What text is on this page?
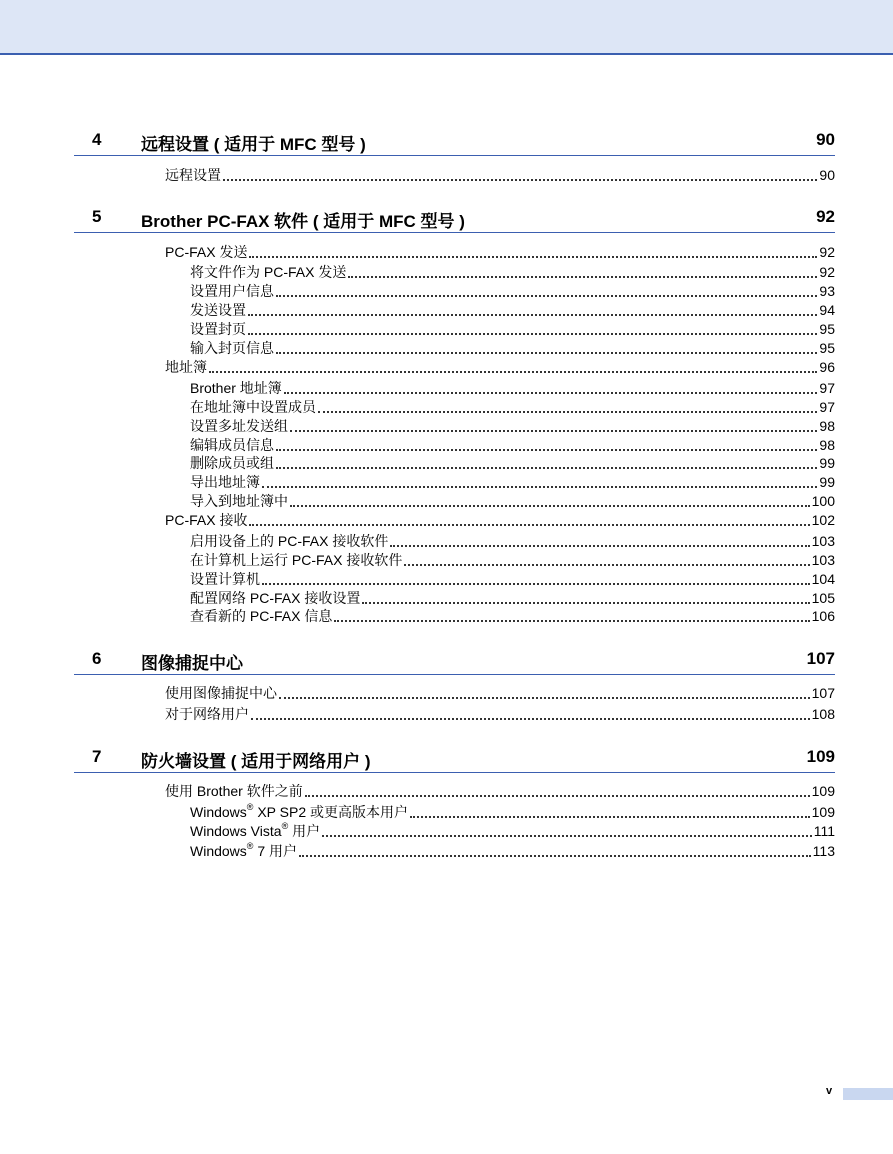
4 远程设置 ( 适用于 MFC 型号 )	90
远程设置	90
5 Brother PC-FAX 软件 ( 适用于 MFC 型号 )	92
PC-FAX 发送	92
将文件作为 PC-FAX 发送	92
设置用户信息	93
发送设置	94
设置封页	95
输入封页信息	95
地址簿	96
Brother 地址簿	97
在地址簿中设置成员	97
设置多址发送组	98
编辑成员信息	98
删除成员或组	99
导出地址簿	99
导入到地址簿中	100
PC-FAX 接收	102
启用设备上的 PC-FAX 接收软件	103
在计算机上运行 PC-FAX 接收软件	103
设置计算机	104
配置网络 PC-FAX 接收设置	105
查看新的 PC-FAX 信息	106
6 图像捕捉中心	107
使用图像捕捉中心	107
对于网络用户	108
7 防火墙设置 ( 适用于网络用户 )	109
使用 Brother 软件之前	109
Windows® XP SP2 或更高版本用户	109
Windows Vista® 用户	111
Windows® 7 用户	113
v
